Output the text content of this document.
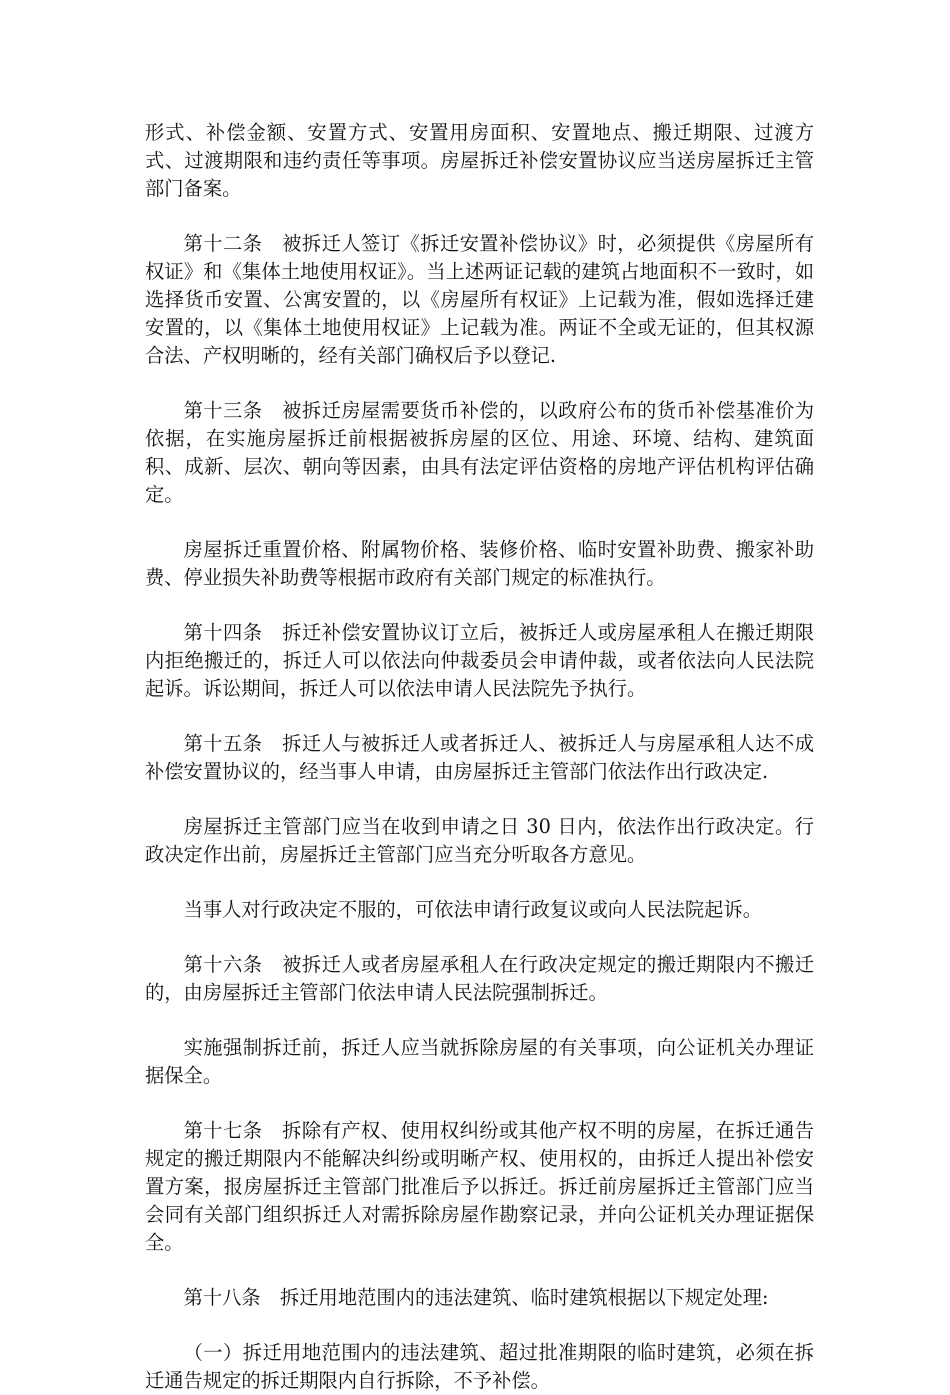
形式、补偿金额、安置方式、安置用房面积、安置地点、搬迁期限、过渡方式、过渡期限和违约责任等事项。房屋拆迁补偿安置协议应当送房屋拆迁主管部门备案。

第十二条　被拆迁人签订《拆迁安置补偿协议》时，必须提供《房屋所有权证》和《集体土地使用权证》。当上述两证记载的建筑占地面积不一致时，如选择货币安置、公寓安置的，以《房屋所有权证》上记载为准，假如选择迁建安置的，以《集体土地使用权证》上记载为准。两证不全或无证的，但其权源合法、产权明晰的，经有关部门确权后予以登记.

第十三条　被拆迁房屋需要货币补偿的，以政府公布的货币补偿基准价为依据，在实施房屋拆迁前根据被拆房屋的区位、用途、环境、结构、建筑面积、成新、层次、朝向等因素，由具有法定评估资格的房地产评估机构评估确定。

房屋拆迁重置价格、附属物价格、装修价格、临时安置补助费、搬家补助费、停业损失补助费等根据市政府有关部门规定的标准执行。

第十四条　拆迁补偿安置协议订立后，被拆迁人或房屋承租人在搬迁期限内拒绝搬迁的，拆迁人可以依法向仲裁委员会申请仲裁，或者依法向人民法院起诉。诉讼期间，拆迁人可以依法申请人民法院先予执行。

第十五条　拆迁人与被拆迁人或者拆迁人、被拆迁人与房屋承租人达不成补偿安置协议的，经当事人申请，由房屋拆迁主管部门依法作出行政决定.

房屋拆迁主管部门应当在收到申请之日 30 日内，依法作出行政决定。行政决定作出前，房屋拆迁主管部门应当充分听取各方意见。

当事人对行政决定不服的，可依法申请行政复议或向人民法院起诉。

第十六条　被拆迁人或者房屋承租人在行政决定规定的搬迁期限内不搬迁的，由房屋拆迁主管部门依法申请人民法院强制拆迁。

实施强制拆迁前，拆迁人应当就拆除房屋的有关事项，向公证机关办理证据保全。

第十七条　拆除有产权、使用权纠纷或其他产权不明的房屋，在拆迁通告规定的搬迁期限内不能解决纠纷或明晰产权、使用权的，由拆迁人提出补偿安置方案，报房屋拆迁主管部门批准后予以拆迁。拆迁前房屋拆迁主管部门应当会同有关部门组织拆迁人对需拆除房屋作勘察记录，并向公证机关办理证据保全。

第十八条　拆迁用地范围内的违法建筑、临时建筑根据以下规定处理:

（一）拆迁用地范围内的违法建筑、超过批准期限的临时建筑，必须在拆迁通告规定的拆迁期限内自行拆除，不予补偿。
